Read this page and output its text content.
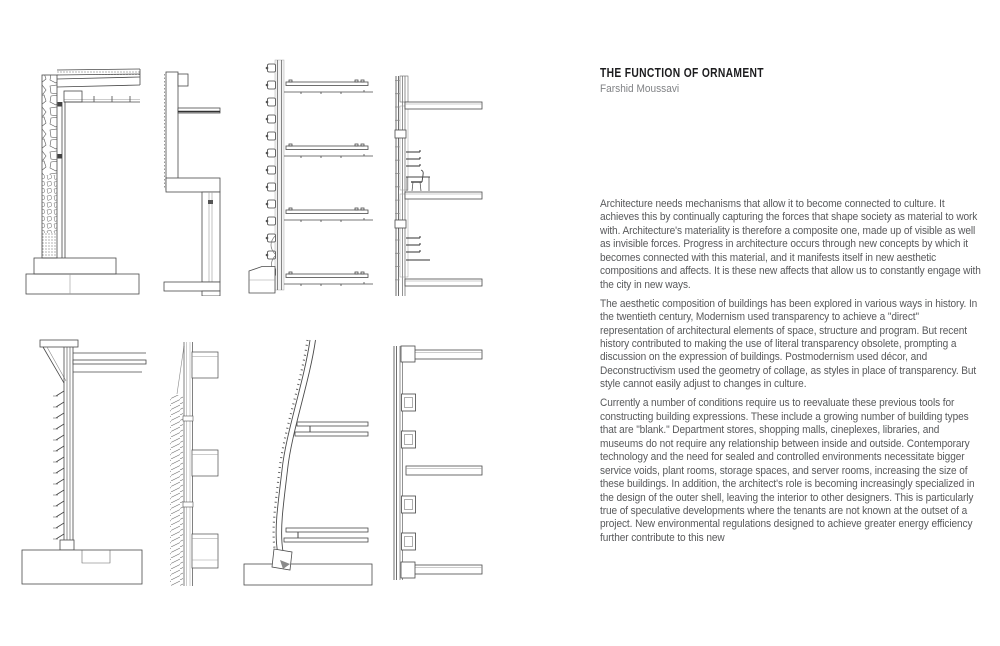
THE FUNCTION OF ORNAMENT
Farshid Moussavi

Architecture needs mechanisms that allow it to become connected to culture. It achieves this by continually capturing the forces that shape society as material to work with. Architecture's materiality is therefore a composite one, made up of visible as well as invisible forces. Progress in architecture occurs through new concepts by which it becomes connected with this material, and it manifests itself in new aesthetic compositions and affects. It is these new affects that allow us to constantly engage with the city in new ways.

The aesthetic composition of buildings has been explored in various ways in history. In the twentieth century, Modernism used transparency to achieve a "direct" representation of architectural elements of space, structure and program. But recent history contributed to making the use of literal transparency obsolete, prompting a discussion on the expression of buildings. Postmodernism used décor, and Deconstructivism used the geometry of collage, as styles in place of transparency. But style cannot easily adjust to changes in culture.

Currently a number of conditions require us to reevaluate these previous tools for constructing building expressions. These include a growing number of building types that are "blank." Department stores, shopping malls, cineplexes, libraries, and museums do not require any relationship between inside and outside. Contemporary technology and the need for sealed and controlled environments necessitate bigger service voids, plant rooms, storage spaces, and server rooms, increasing the size of these buildings. In addition, the architect's role is becoming increasingly specialized in the design of the outer shell, leaving the interior to other designers. This is particularly true of speculative developments where the tenants are not known at the outset of a project. New environmental regulations designed to achieve greater energy efficiency further contribute to this new
